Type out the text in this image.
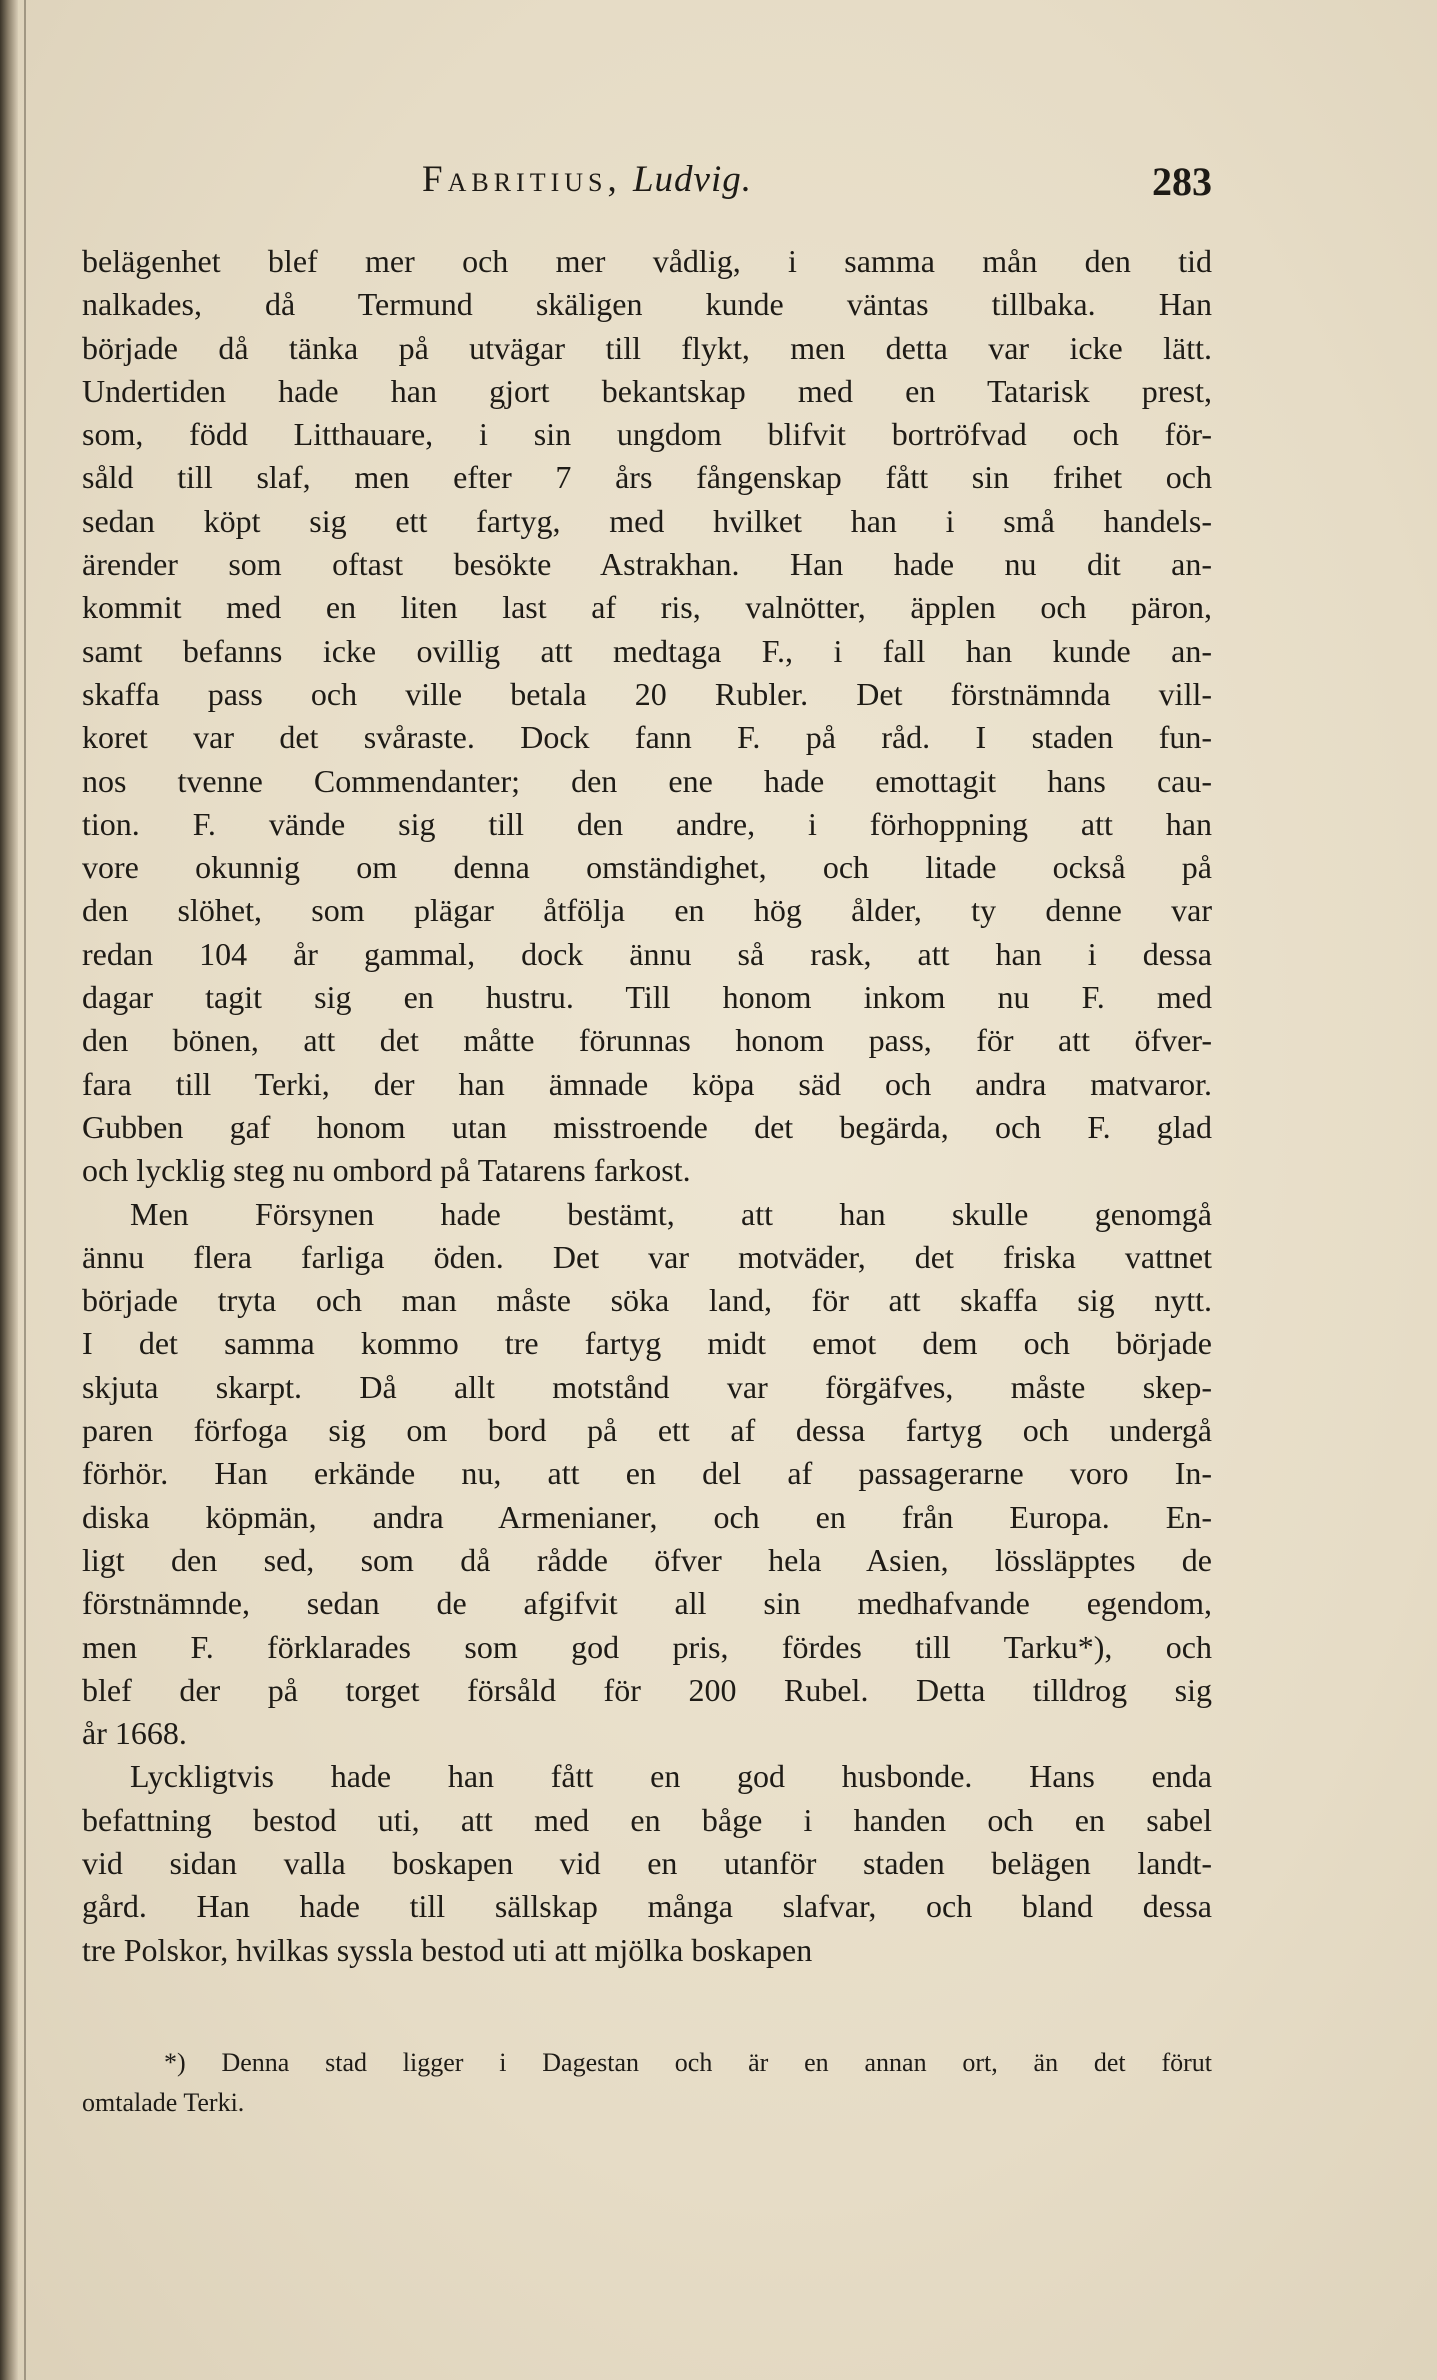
Fabritius, Ludvig.	283
belägenhet blef mer och mer vådlig, i samma mån den tid
nalkades, då Termund skäligen kunde väntas tillbaka. Han
började då tänka på utvägar till flykt, men detta var icke lätt.
Undertiden hade han gjort bekantskap med en Tatarisk prest,
som, född Litthauare, i sin ungdom blifvit bortröfvad och för-
såld till slaf, men efter 7 års fångenskap fått sin frihet och
sedan köpt sig ett fartyg, med hvilket han i små handels-
ärender som oftast besökte Astrakhan. Han hade nu dit an-
kommit med en liten last af ris, valnötter, äpplen och päron,
samt befanns icke ovillig att medtaga F., i fall han kunde an-
skaffa pass och ville betala 20 Rubler. Det förstnämnda vill-
koret var det svåraste. Dock fann F. på råd. I staden fun-
nos tvenne Commendanter; den ene hade emottagit hans cau-
tion. F. vände sig till den andre, i förhoppning att han
vore okunnig om denna omständighet, och litade också på
den slöhet, som plägar åtfölja en hög ålder, ty denne var
redan 104 år gammal, dock ännu så rask, att han i dessa
dagar tagit sig en hustru. Till honom inkom nu F. med
den bönen, att det måtte förunnas honom pass, för att öfver-
fara till Terki, der han ämnade köpa säd och andra matvaror.
Gubben gaf honom utan misstroende det begärda, och F. glad
och lycklig steg nu ombord på Tatarens farkost.
Men Försynen hade bestämt, att han skulle genomgå
ännu flera farliga öden. Det var motväder, det friska vattnet
började tryta och man måste söka land, för att skaffa sig nytt.
I det samma kommo tre fartyg midt emot dem och började
skjuta skarpt. Då allt motstånd var förgäfves, måste skep-
paren förfoga sig om bord på ett af dessa fartyg och undergå
förhör. Han erkände nu, att en del af passagerarne voro In-
diska köpmän, andra Armenianer, och en från Europa. En-
ligt den sed, som då rådde öfver hela Asien, lössläpptes de
förstnämnde, sedan de afgifvit all sin medhafvande egendom,
men F. förklarades som god pris, fördes till Tarku*), och
blef der på torget försåld för 200 Rubel. Detta tilldrog sig
år 1668.
Lyckligtvis hade han fått en god husbonde. Hans enda
befattning bestod uti, att med en båge i handen och en sabel
vid sidan valla boskapen vid en utanför staden belägen landt-
gård. Han hade till sällskap många slafvar, och bland dessa
tre Polskor, hvilkas syssla bestod uti att mjölka boskapen
*) Denna stad ligger i Dagestan och är en annan ort, än det förut
omtalade Terki.
